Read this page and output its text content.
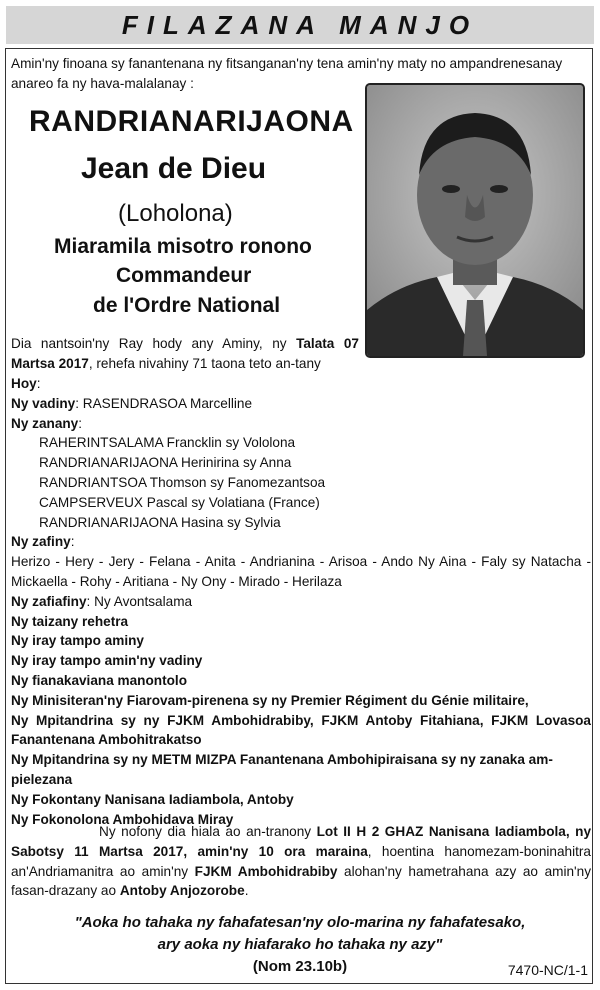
FILAZANA MANJO
Amin'ny finoana sy fanantenana ny fitsanganan'ny tena amin'ny maty no ampandrenesanay anareo fa ny hava-malalanay :
RANDRIANARIJAONA
Jean de Dieu
(Loholona)
Miaramila misotro ronono
Commandeur
de l'Ordre National
Dia nantsoin'ny Ray hody any Aminy, ny Talata 07 Martsa 2017, rehefa nivahiny 71 taona teto an-tany
Hoy:
Ny vadiny: RASENDRASOA Marcelline
Ny zanany:
RAHERINTSALAMA Francklin sy Vololona
RANDRIANARIJAONA Herinirina sy Anna
RANDRIANTSOA Thomson sy Fanomezantsoa
CAMPSERVEUX Pascal sy Volatiana (France)
RANDRIANARIJAONA Hasina sy Sylvia
Ny zafiny:
Herizo - Hery - Jery - Felana - Anita - Andrianina - Arisoa - Ando Ny Aina - Faly sy Natacha - Mickaella - Rohy - Aritiana - Ny Ony - Mirado - Herilaza
Ny zafiafiny: Ny Avontsalama
Ny taizany rehetra
Ny iray tampo aminy
Ny iray tampo amin'ny vadiny
Ny fianakaviana manontolo
Ny Minisiteran'ny Fiarovam-pirenena sy ny Premier Régiment du Génie militaire,
Ny Mpitandrina sy ny FJKM Ambohidrabiby, FJKM Antoby Fitahiana, FJKM Lovasoa Fanantenana Ambohitrakatso
Ny Mpitandrina sy ny METM MIZPA Fanantenana Ambohipiraisana sy ny zanaka am-pielezana
Ny Fokontany Nanisana Iadiambola, Antoby
Ny Fokonolona Ambohidava Miray
Ny nofony dia hiala ao an-tranony Lot II H 2 GHAZ Nanisana Iadiambola, ny Sabotsy 11 Martsa 2017, amin'ny 10 ora maraina, hoentina hanomezam-boninahitra an'Andriamanitra ao amin'ny FJKM Ambohidrabiby alohan'ny hametrahana azy ao amin'ny fasan-drazany ao Antoby Anjozorobe.
"Aoka ho tahaka ny fahafatesan'ny olo-marina ny fahafatesako,
ary aoka ny hiafarako ho tahaka ny azy"
(Nom 23.10b)	7470-NC/1-1
